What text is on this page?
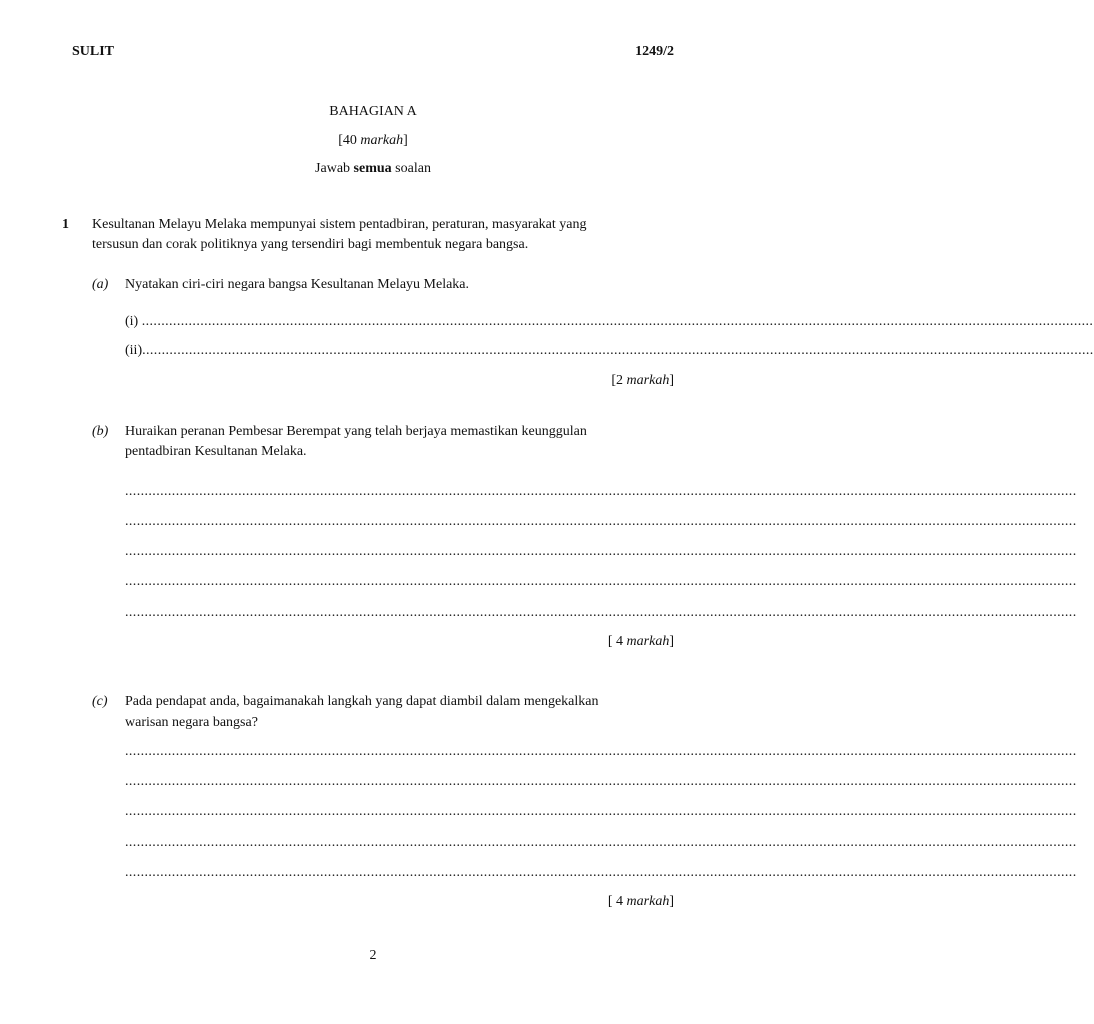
SULIT	1249/2
BAHAGIAN A
[40 markah]
Jawab semua soalan
1 Kesultanan Melayu Melaka mempunyai sistem pentadbiran, peraturan, masyarakat yang
tersusun dan corak politiknya yang tersendiri bagi membentuk negara bangsa.
(a) Nyatakan ciri-ciri negara bangsa Kesultanan Melayu Melaka.
(i) ....................................................................................................................................................................................................................................................
(ii) ....................................................................................................................................................................................................................................................
[2 markah]
(b) Huraikan peranan Pembesar Berempat yang telah berjaya memastikan keunggulan
pentadbiran Kesultanan Melaka.
....................................................................................................................................................................................................................................................
....................................................................................................................................................................................................................................................
....................................................................................................................................................................................................................................................
....................................................................................................................................................................................................................................................
....................................................................................................................................................................................................................................................
[ 4 markah]
(c) Pada pendapat anda, bagaimanakah langkah yang dapat diambil dalam mengekalkan
warisan negara bangsa?
....................................................................................................................................................................................................................................................
....................................................................................................................................................................................................................................................
....................................................................................................................................................................................................................................................
....................................................................................................................................................................................................................................................
....................................................................................................................................................................................................................................................
[ 4 markah]
2
